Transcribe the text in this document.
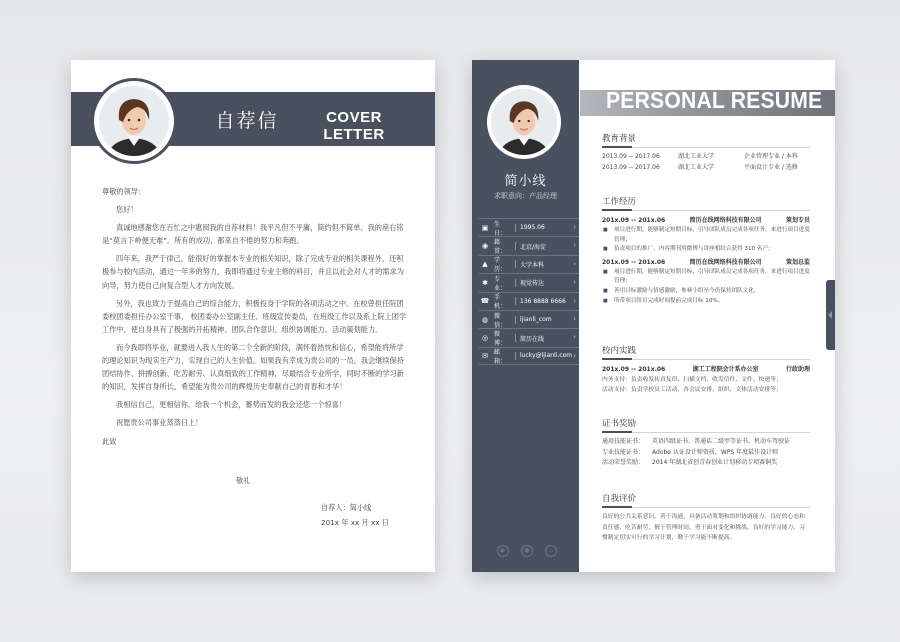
自荐信	COVER LETTER

尊敬的领导：

您好！

真诚地感谢您在百忙之中惠阅我的自荐材料！我平凡但不平庸，简约但不简单。我的座右铭是“莫言下岭便无难”。所有的成功，都来自不倦的努力和奔跑。

四年来，我严于律己，能很好的掌握本专业的相关知识，除了完成专业的相关课程外，还积极参与校内活动，通过一年多的努力，我即将通过专业主修的科目，并且以社会对人才的需求为向导，努力使自己向复合型人才方向发展。

另外，我也致力于提高自己的综合能力，积极投身于学院的各项活动之中。在校曾担任院团委校团委担任办公室干事， 校团委办公室副主任、班级宣传委员，在班级工作以及系上院上团学工作中，使自身具有了极强的开拓精神、团队合作意识、组织协调能力、活动策划能力。

而今我即将毕业，就要进入我人生的第二个全新的阶段，满怀着热忱和信心，希望能将所学的理论知识为现实生产力，实现自己的人生价值。如果我有幸成为贵公司的一员，我会继续保持团结协作、拼搏创新、吃苦耐劳、认真细致的工作精神，尽最结合专业所学，同时不断的学习新的知识，发挥自身所长，希望能为贵公司的辉煌历史奉献自己的青春和才华！

我相信自己，更相信你，给我一个机会，蓄势而发的我会还您一个惊喜！

祝愿贵公司事业蒸蒸日上！

此致

敬礼
自荐人：简小线
201x 年 xx 月 xx 日
简小线
求职意向：产品经理
▣ 生日：
1995.06	›
◉ 籍贯：
北京/海淀	›
▲	学历：
大学本科	›
✱	专业：
视觉传达	›
☎ 手机：
136 8888 6666	›
◍ 微信：
ljianli_com	›
◎ 微博：
简历在线	›
✉	邮箱：
lucky@ljianli.com ›
▶	●	…
PERSONAL RESUME
教育背景
2013.09 -- 2017.06	湖北工业大学	企业管理专业 / 本科
2013.09 -- 2017.06	湖北工业大学	平面设计专业 / 选修
工作经历
201x.09 -- 201x.06	简历在线网络科技有限公司	策划专员
■ 项目进行期，能够制定短期目标，引导团队成员完成各项任务，来进行项目进度管理；
■ 负责项目的推广，内容期刊用微博与讲座相结合获得 310 名产；
201x.09 -- 201x.06	简历在线网络科技有限公司	策划总监
■ 项目进行期，能够制定短期目标，引导团队成员完成各项任务，来进行项目进度管理；
■ 善用目标激励与情感激励，参赛小组至今仍保持团队文化。
■ 所带项目组员完成时间提前完成目标 10%；
校内实践
201x.09 -- 201x.06	湖工工程院会计系办公室	行政助理
内务支持：负责收发传真复印、扫描文档、收发信件、文件、快递等；
活动支持：负责学校员工活动，各会议安排、组织、文体活动安排等；
证书奖励
通用技能证书：	英语四级证书、普通话二级甲等证书、机动车驾驶证
专业技能证书：	Adobe 认证设计师资质，WPS 年度最佳设计师
活动荣誉奖励：	2014 年湖北省创青春创业计划移动专项赛铜奖
自我评价
良好的公共关系意识，善于沟通，具备活动策划和组织协调能力。良好的心态和责任感，吃苦耐劳，擅于管理时间，勇于面对变化和挑战。良好的学习能力，习惯制定切实可行的学习计划，勤于学习能不断提高。
